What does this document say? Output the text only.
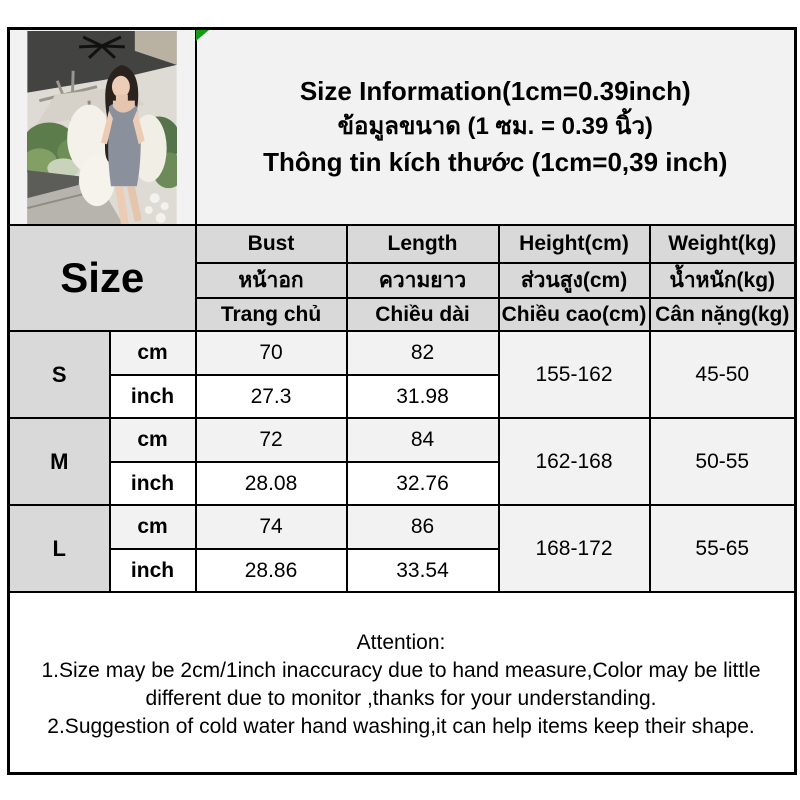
Size Information(1cm=0.39inch)
ข้อมูลขนาด (1 ซม. = 0.39 นิ้ว)
Thông tin kích thước (1cm=0,39 inch)			

Size		Bust	Length	Height(cm)	Weight(kg)
		หน้าอก	ความยาว	ส่วนสูง(cm)	น้ำหนัก(kg)
		Trang chủ	Chiều dài	Chiều cao(cm)	Cân nặng(kg)
S	cm	70	82	155-162	45-50
	inch	27.3	31.98		
M	cm	72	84	162-168	50-55
	inch	28.08	32.76		
L	cm	74	86	168-172	55-65
	inch	28.86	33.54		

Attention:
1.Size may be 2cm/1inch inaccuracy due to hand measure,Color may be little different due to monitor ,thanks for your understanding.
2.Suggestion of cold water hand washing,it can help items keep their shape.					
